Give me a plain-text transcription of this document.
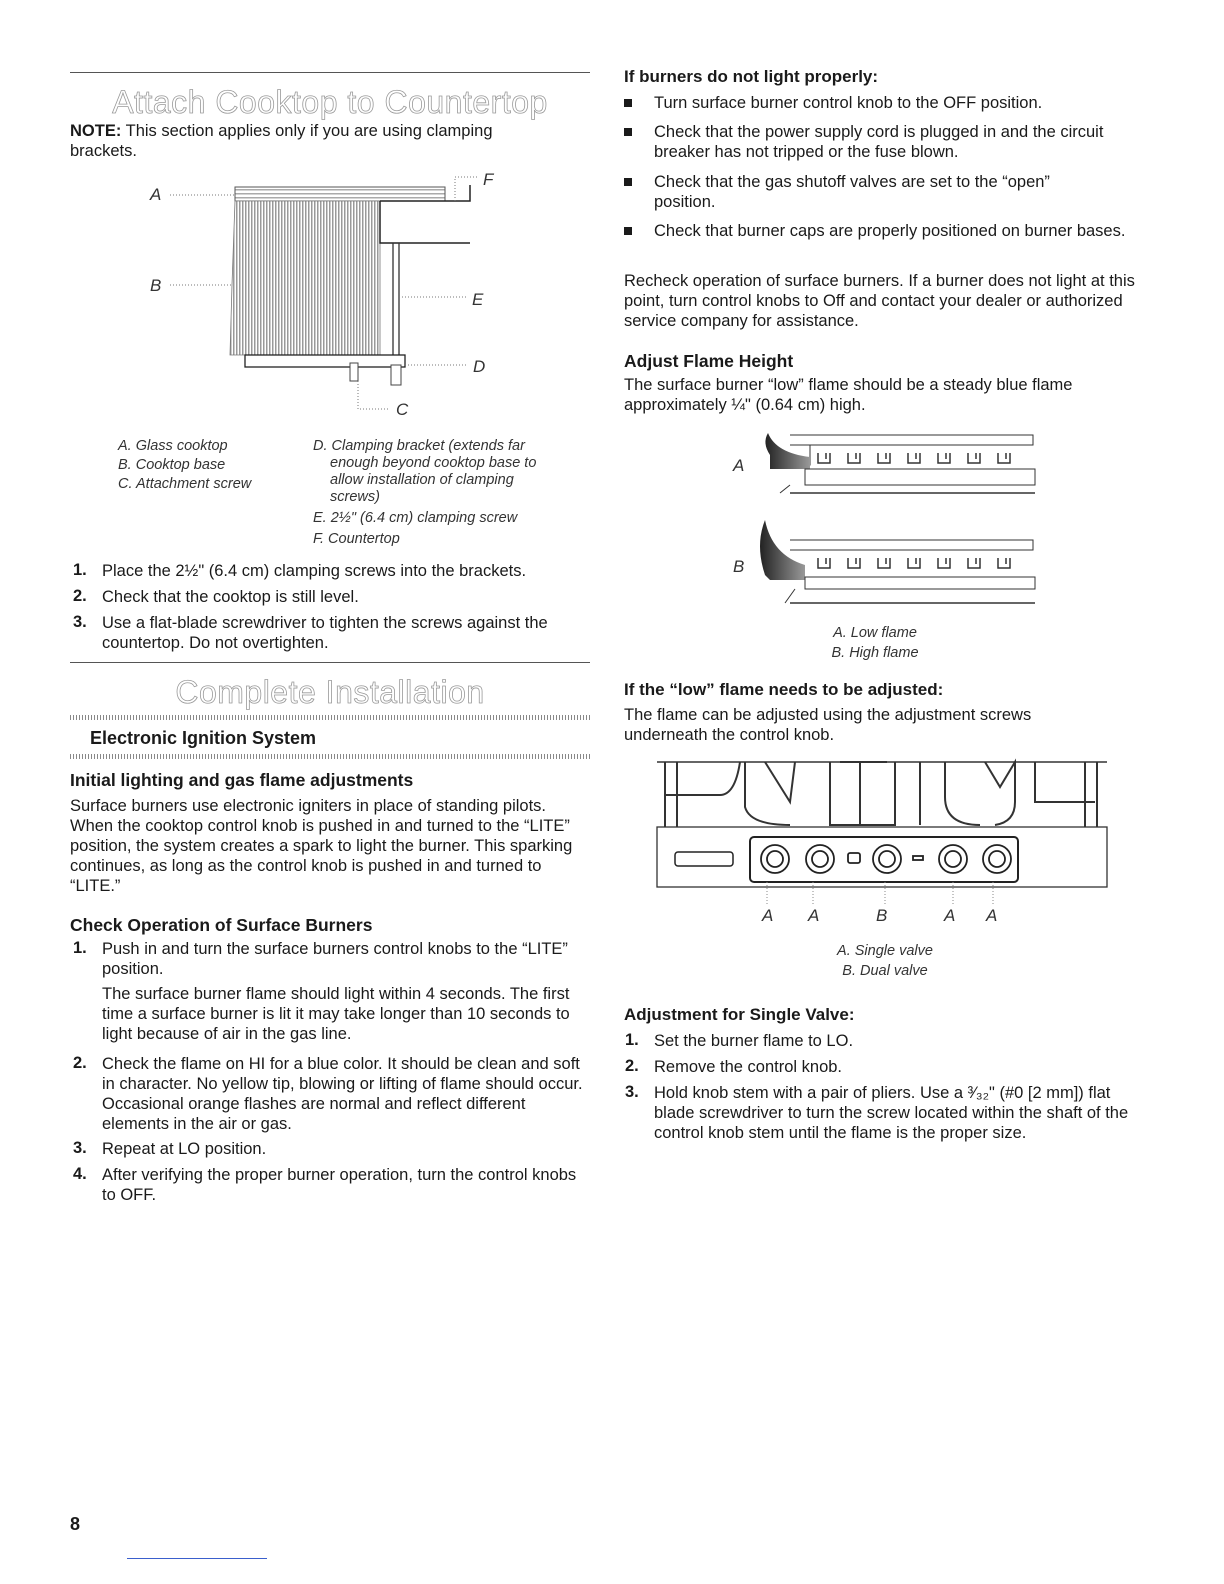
Attach Cooktop to Countertop
NOTE: This section applies only if you are using clamping brackets.
A
B
C
D
E
F
A. Glass cooktop
B. Cooktop base
C. Attachment screw
D. Clamping bracket (extends far enough beyond cooktop base to allow installation of clamping screws)
E. 2½" (6.4 cm) clamping screw
F. Countertop
1. Place the 2½" (6.4 cm) clamping screws into the brackets.
2. Check that the cooktop is still level.
3. Use a flat-blade screwdriver to tighten the screws against the countertop. Do not overtighten.
Complete Installation
Electronic Ignition System
Initial lighting and gas flame adjustments
Surface burners use electronic igniters in place of standing pilots. When the cooktop control knob is pushed in and turned to the “LITE” position, the system creates a spark to light the burner. This sparking continues, as long as the control knob is pushed in and turned to “LITE.”
Check Operation of Surface Burners
1. Push in and turn the surface burners control knobs to the “LITE” position.
The surface burner flame should light within 4 seconds. The first time a surface burner is lit it may take longer than 10 seconds to light because of air in the gas line.
2. Check the flame on HI for a blue color. It should be clean and soft in character. No yellow tip, blowing or lifting of flame should occur. Occasional orange flashes are normal and reflect different elements in the air or gas.
3. Repeat at LO position.
4. After verifying the proper burner operation, turn the control knobs to OFF.
8
If burners do not light properly:
Turn surface burner control knob to the OFF position.
Check that the power supply cord is plugged in and the circuit breaker has not tripped or the fuse blown.
Check that the gas shutoff valves are set to the “open” position.
Check that burner caps are properly positioned on burner bases.
Recheck operation of surface burners. If a burner does not light at this point, turn control knobs to Off and contact your dealer or authorized service company for assistance.
Adjust Flame Height
The surface burner “low” flame should be a steady blue flame approximately ¼" (0.64 cm) high.
A
B
A. Low flame
B. High flame
If the “low” flame needs to be adjusted:
The flame can be adjusted using the adjustment screws underneath the control knob.
A A	B	A A
A. Single valve
B. Dual valve
Adjustment for Single Valve:
1. Set the burner flame to LO.
2. Remove the control knob.
3. Hold knob stem with a pair of pliers. Use a ³⁄₃₂" (#0 [2 mm]) flat blade screwdriver to turn the screw located within the shaft of the control knob stem until the flame is the proper size.
